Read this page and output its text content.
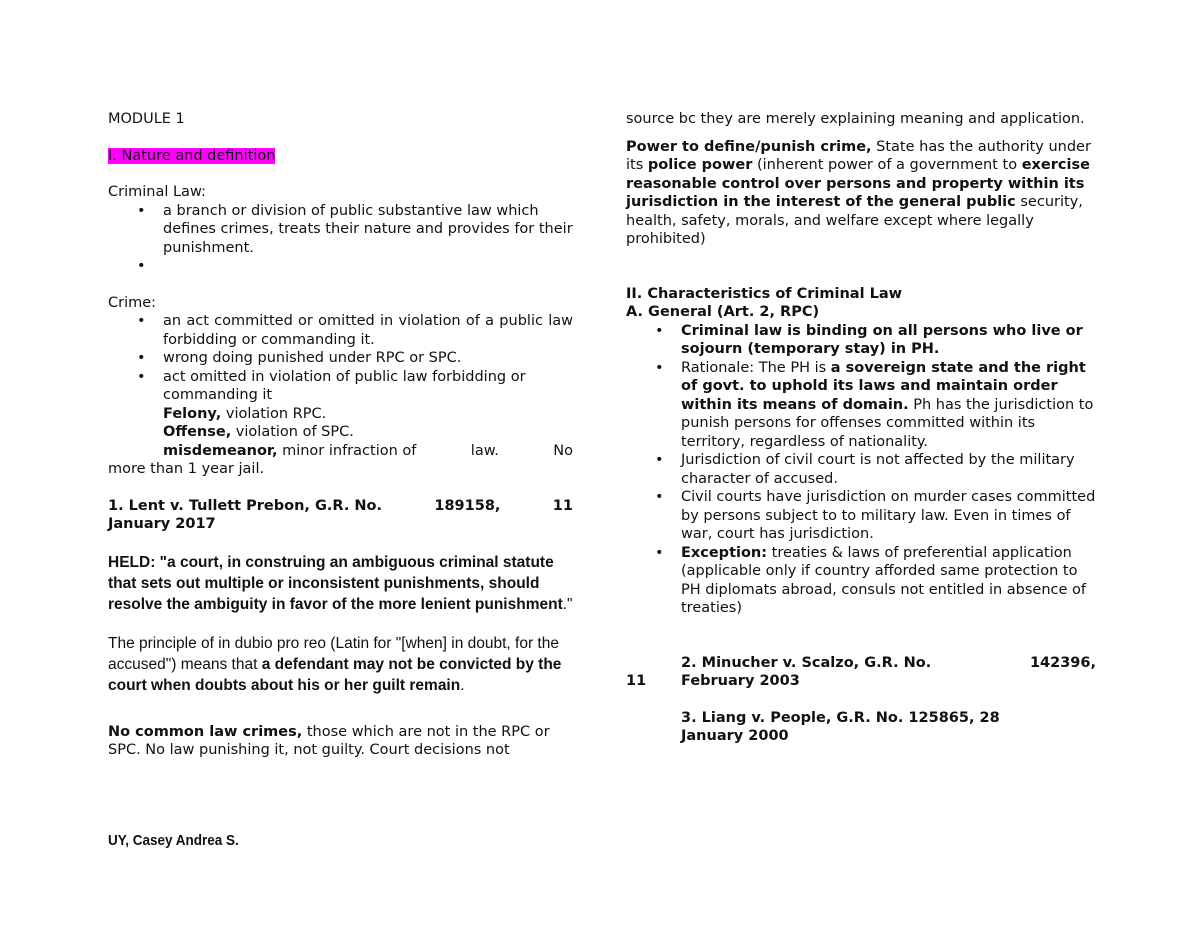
MODULE 1

I. Nature and definition

Criminal Law:

• a branch or division of public substantive law which defines crimes, treats their nature and provides for their punishment.
•

Crime:

• an act committed or omitted in violation of a public law forbidding or commanding it.
• wrong doing punished under RPC or SPC.
• act omitted in violation of public law forbidding or commanding it

Felony, violation RPC.

Offense, violation of SPC.

misdemeanor, minor infraction of	law.	No

more than 1 year jail.

1. Lent v. Tullett Prebon, G.R. No.	189158,	11

January 2017

HELD: "a court, in construing an ambiguous criminal statute that sets out multiple or inconsistent punishments, should resolve the ambiguity in favor of the more lenient punishment."

The principle of in dubio pro reo (Latin for "[when] in doubt, for the accused") means that a defendant may not be convicted by the court when doubts about his or her guilt remain.

No common law crimes, those which are not in the RPC or SPC. No law punishing it, not guilty. Court decisions not

source bc they are merely explaining meaning and application.

Power to define/punish crime, State has the authority under its police power (inherent power of a government to exercise reasonable control over persons and property within its jurisdiction in the interest of the general public security, health, safety, morals, and welfare except where legally prohibited)

II. Characteristics of Criminal Law

A. General (Art. 2, RPC)

• Criminal law is binding on all persons who live or sojourn (temporary stay) in PH.
• Rationale: The PH is a sovereign state and the right of govt. to uphold its laws and maintain order within its means of domain. Ph has the jurisdiction to punish persons for offenses committed within its territory, regardless of nationality.
• Jurisdiction of civil court is not affected by the military character of accused.
• Civil courts have jurisdiction on murder cases committed by persons subject to to military law. Even in times of war, court has jurisdiction.
• Exception: treaties & laws of preferential application (applicable only if country afforded same protection to PH diplomats abroad, consuls not entitled in absence of treaties)
2. Minucher v. Scalzo, G.R. No.	142396,

11 February 2003

3. Liang v. People, G.R. No. 125865, 28

January 2000

UY, Casey Andrea S.
